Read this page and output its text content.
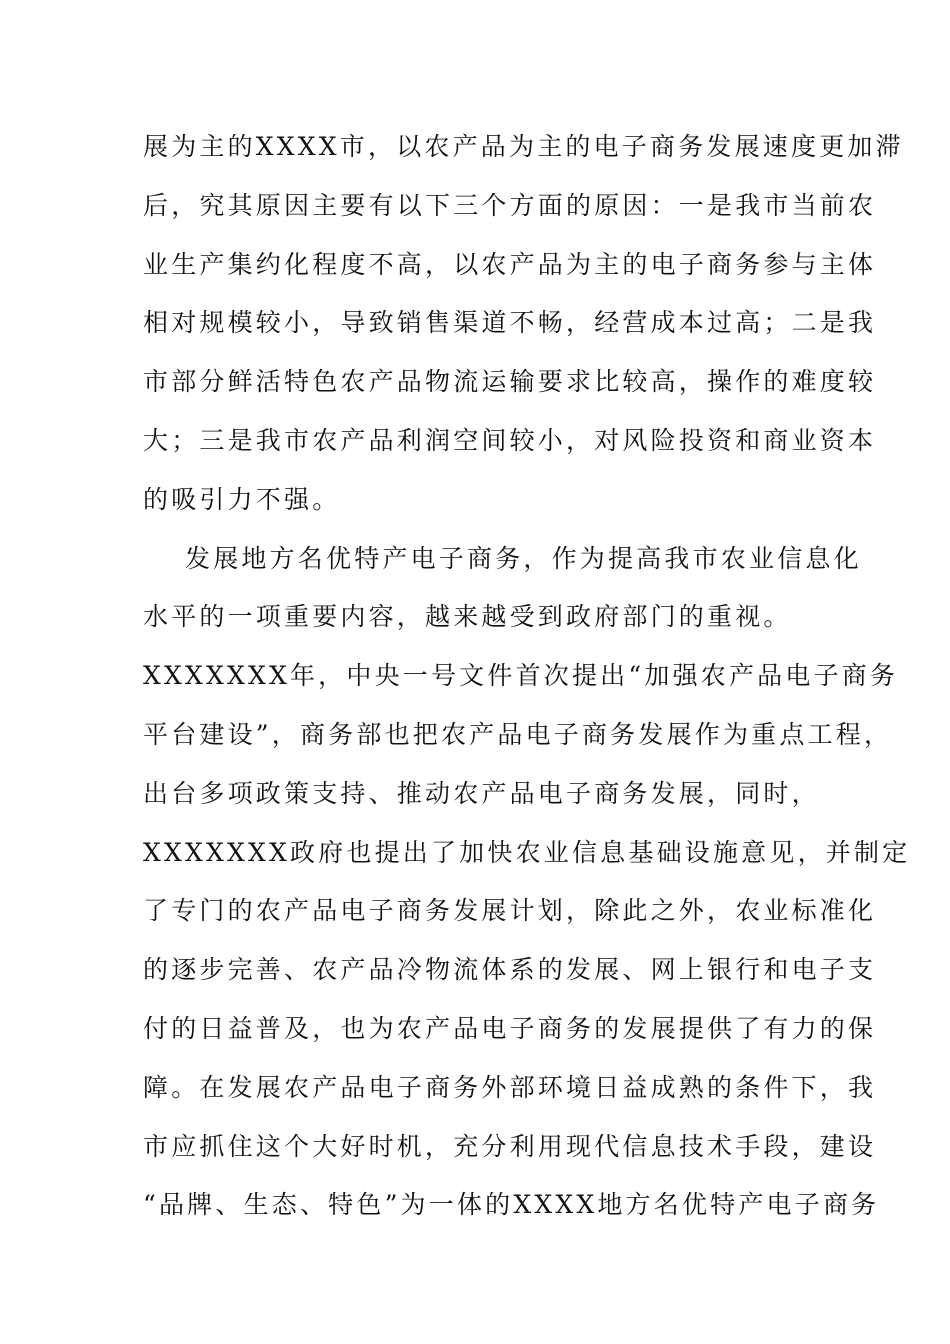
展为主的XXXX市，以农产品为主的电子商务发展速度更加滞
后，究其原因主要有以下三个方面的原因：一是我市当前农
业生产集约化程度不高，以农产品为主的电子商务参与主体
相对规模较小，导致销售渠道不畅，经营成本过高；二是我
市部分鲜活特色农产品物流运输要求比较高，操作的难度较
大；三是我市农产品利润空间较小，对风险投资和商业资本
的吸引力不强。
发展地方名优特产电子商务，作为提高我市农业信息化
水平的一项重要内容，越来越受到政府部门的重视。
XXXXXXX年，中央一号文件首次提出“加强农产品电子商务
平台建设”，商务部也把农产品电子商务发展作为重点工程，
出台多项政策支持、推动农产品电子商务发展，同时，
XXXXXXX政府也提出了加快农业信息基础设施意见，并制定
了专门的农产品电子商务发展计划，除此之外，农业标准化
的逐步完善、农产品冷物流体系的发展、网上银行和电子支
付的日益普及，也为农产品电子商务的发展提供了有力的保
障。在发展农产品电子商务外部环境日益成熟的条件下，我
市应抓住这个大好时机，充分利用现代信息技术手段，建设
“品牌、生态、特色”为一体的XXXX地方名优特产电子商务
